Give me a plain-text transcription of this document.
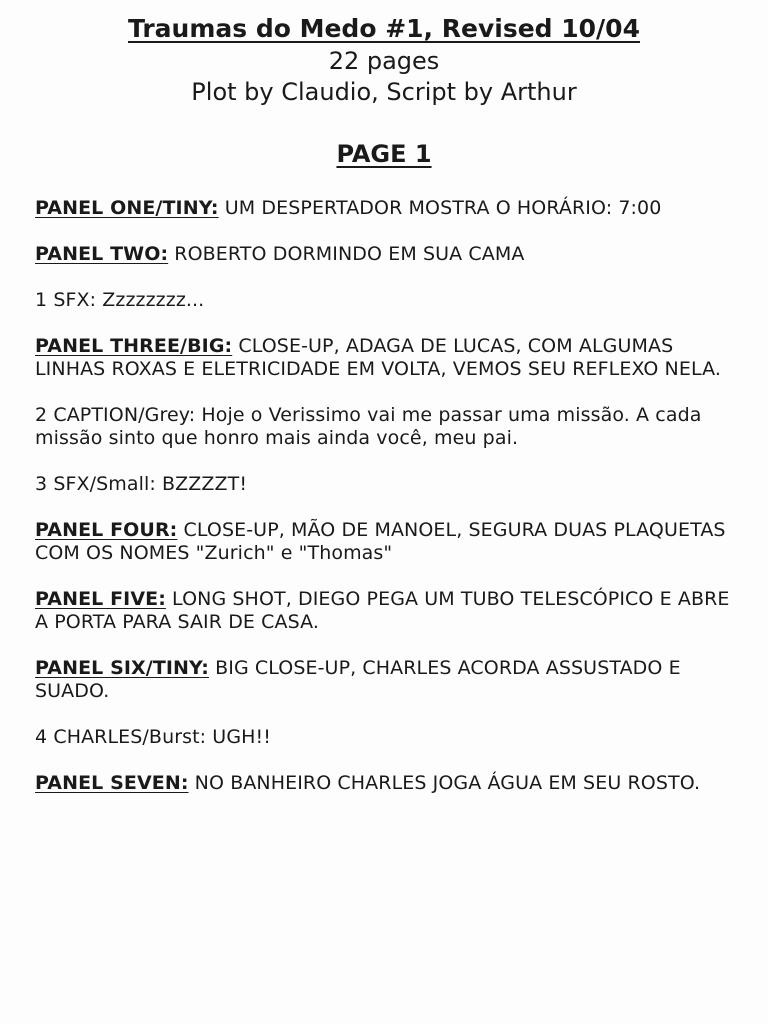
Traumas do Medo #1, Revised 10/04

22 pages

Plot by Claudio, Script by Arthur

PAGE 1

PANEL ONE/TINY: UM DESPERTADOR MOSTRA O HORÁRIO: 7:00

PANEL TWO: ROBERTO DORMINDO EM SUA CAMA

1 SFX: Zzzzzzzz...

PANEL THREE/BIG: CLOSE-UP, ADAGA DE LUCAS, COM ALGUMAS LINHAS ROXAS E ELETRICIDADE EM VOLTA, VEMOS SEU REFLEXO NELA.

2 CAPTION/Grey: Hoje o Verissimo vai me passar uma missão. A cada missão sinto que honro mais ainda você, meu pai.

3 SFX/Small: BZZZZT!

PANEL FOUR: CLOSE-UP, MÃO DE MANOEL, SEGURA DUAS PLAQUETAS COM OS NOMES "Zurich" e "Thomas"

PANEL FIVE: LONG SHOT, DIEGO PEGA UM TUBO TELESCÓPICO E ABRE A PORTA PARA SAIR DE CASA.

PANEL SIX/TINY: BIG CLOSE-UP, CHARLES ACORDA ASSUSTADO E SUADO.

4 CHARLES/Burst: UGH!!

PANEL SEVEN: NO BANHEIRO CHARLES JOGA ÁGUA EM SEU ROSTO.
